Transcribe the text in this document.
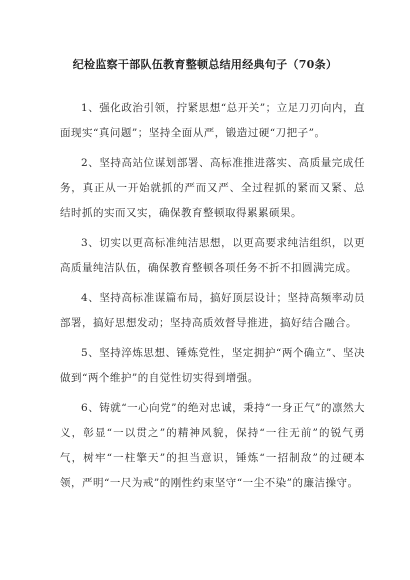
纪检监察干部队伍教育整顿总结用经典句子（70条）

1、强化政治引领，拧紧思想“总开关”；立足刀刃向内，直面现实“真问题”；坚持全面从严，锻造过硬“刀把子”。

2、坚持高站位谋划部署、高标准推进落实、高质量完成任务，真正从一开始就抓的严而又严、全过程抓的紧而又紧、总结时抓的实而又实，确保教育整顿取得累累硕果。

3、切实以更高标准纯洁思想，以更高要求纯洁组织，以更高质量纯洁队伍，确保教育整顿各项任务不折不扣圆满完成。

4、坚持高标准谋篇布局，搞好顶层设计；坚持高频率动员部署，搞好思想发动；坚持高质效督导推进，搞好结合融合。

5、坚持淬炼思想、锤炼党性，坚定拥护“两个确立”、坚决做到“两个维护”的自觉性切实得到增强。

6、铸就“一心向党”的绝对忠诚，秉持“一身正气”的凛然大义，彰显“一以贯之”的精神风貌，保持“一往无前”的锐气勇气，树牢“一柱擎天”的担当意识，锤炼“一招制敌”的过硬本领，严明“一尺为戒”的刚性约束坚守“一尘不染”的廉洁操守。
